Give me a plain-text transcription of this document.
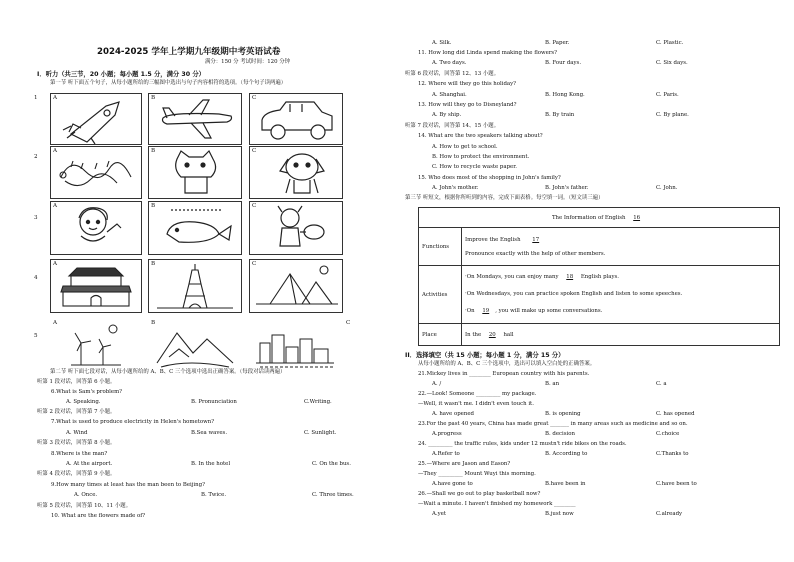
2024-2025 学年上学期九年级期中考英语试卷
满分：150 分 考试时间：120 分钟
I．听力（共三节，20 小题；每小题 1.5 分，满分 30 分）
第一节 听下面五个句子，从每小题所给的三幅图中选出与句子内容相符的选项。（每个句子读两遍）
1	A	B	C
2
A	B	C
3
A	B	C
4
A	B	C
5
A	B	C
第二节 听下面七段对话，从每小题所给的 A、B、C 三个选项中选出正确答案。（每段对话读两遍）
听第 1 段对话，回答第 6 小题。
6.What is Sam's problem?
A. Speaking.	B. Pronunciation	C.Writing.
听第 2 段对话，回答第 7 小题。
7.What is used to produce electricity in Helen's hometown?
A. Wind	B.Sea waves.	C. Sunlight.
听第 3 段对话，回答第 8 小题。
8.Where is the man?
A. At the airport.	B. In the hotel	C. On the bus.
听第 4 段对话，回答第 9 小题。
9.How many times at least has the man been to Beijing?
A. Once.	B. Twice.	C. Three times.
听第 5 段对话，回答第 10、11 小题。
10. What are the flowers made of?
A. Silk.	B. Paper.	C. Plastic.
11. How long did Linda spend making the flowers?
A. Two days.	B. Four days.	C. Six days.
听第 6 段对话，回答第 12、13 小题。
12. Where will they go this holiday?
A. Shanghai.	B. Hong Kong.	C. Paris.
13. How will they go to Disneyland?
A. By ship.	B. By train	C. By plane.
听第 7 段对话，回答第 14、15 小题。
14. What are the two speakers talking about?
A. How to get to school.
B. How to protect the environment.
C. How to recycle waste paper.
15. Who does most of the shopping in John's family?
A. John's mother.	B. John's father.	C. John.
第三节 听短文，根据你所听到的内容，完成下面表格。每空填一词。（短文读三遍）
The Information of English 16	
Functions	Improve the English 17
Pronounce exactly with the help of other members.

Activities	·On Mondays, you can enjoy many 18 English plays.
·On Wednesdays, you can practice spoken English and listen to some speeches.
·On 19 , you will make up some conversations.

Place	In the 20 hall
II．选择填空（共 15 小题；每小题 1 分，满分 15 分）
从每小题所给的 A、B、C 三个选项中，选出可以填入空白处的正确答案。
21.Mickey lives in ________ European country with his parents.
A. /	B. an	C. a
22.—Look! Someone _________ my package.
—Well, it wasn't me. I didn't even touch it.
A. have opened	B. is opening	C. has opened
23.For the past 40 years, China has made great _______ in many areas such as medicine and so on.
A.progress	B. decision	C.choice
24. _________ the traffic rules, kids under 12 mustn't ride bikes on the roads.
A.Refer to	B. According to	C.Thanks to
25.—Where are Jason and Eason?
—They _________ Mount Wuyi this morning.
A.have gone to	B.have been in	C.have been to
26.—Shall we go out to play basketball now?
—Wait a minute. I haven't finished my homework ________
A.yet	B.just now	C.already
